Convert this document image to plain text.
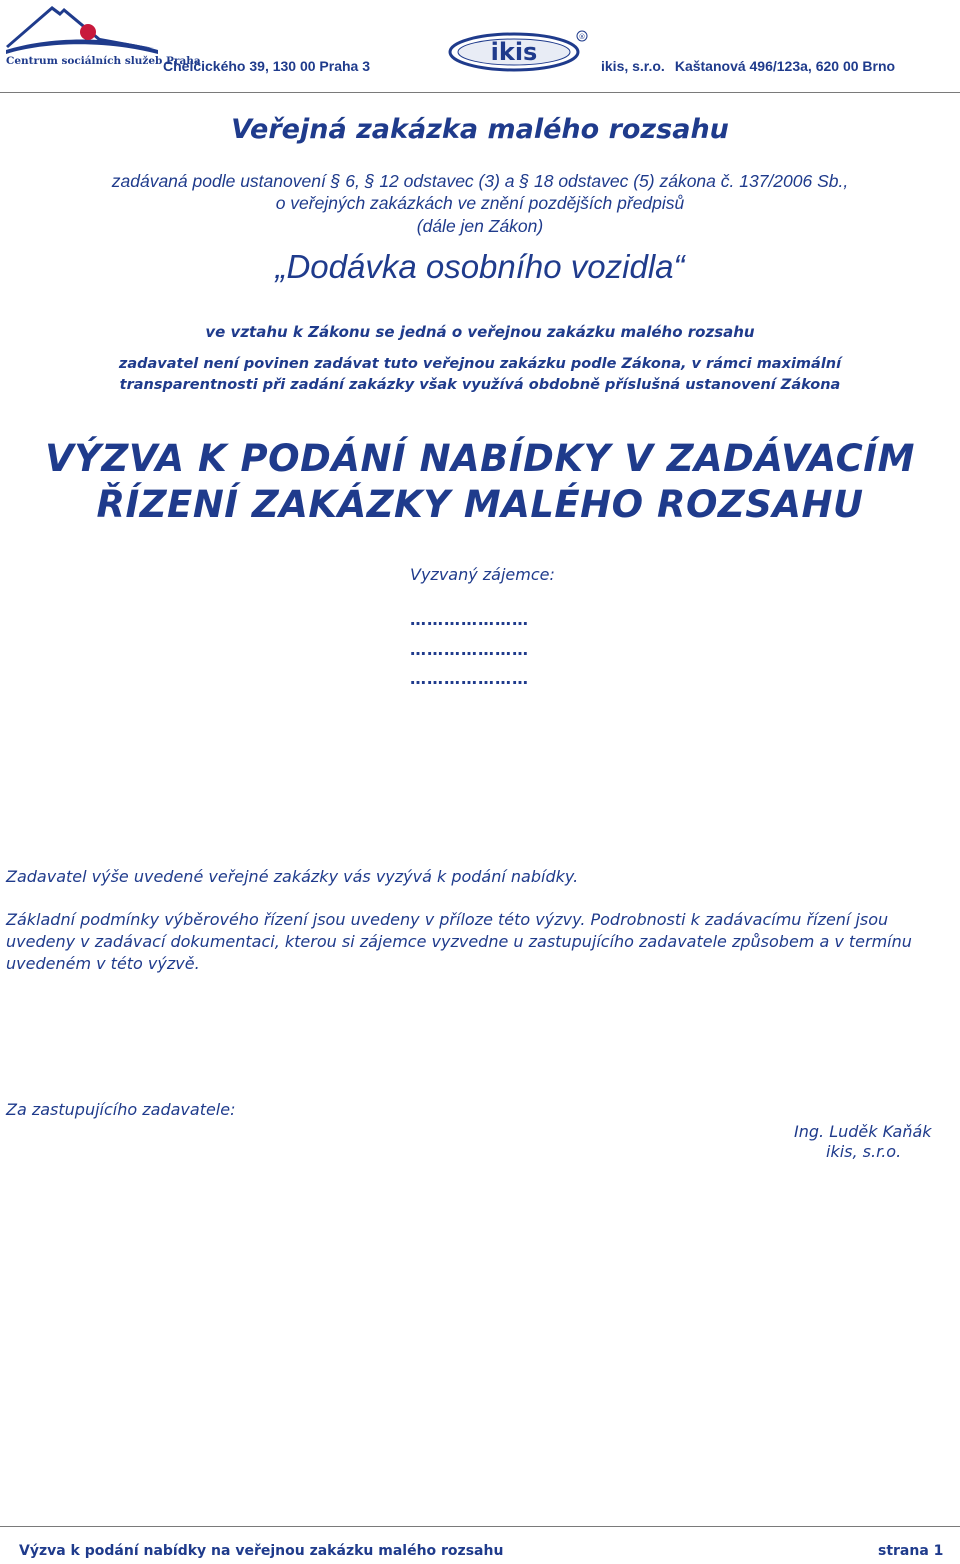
Centrum sociálních služeb Praha
Chelčického 39, 130 00 Praha 3	ikis
®
ikis, s.r.o. Kaštanová 496/123a, 620 00 Brno
Veřejná zakázka malého rozsahu
zadávaná podle ustanovení § 6, § 12 odstavec (3) a § 18 odstavec (5) zákona č. 137/2006 Sb.,
o veřejných zakázkách ve znění pozdějších předpisů
(dále jen Zákon)
„Dodávka osobního vozidla“
ve vztahu k Zákonu se jedná o veřejnou zakázku malého rozsahu
zadavatel není povinen zadávat tuto veřejnou zakázku podle Zákona, v rámci maximální transparentnosti při zadání zakázky však využívá obdobně příslušná ustanovení Zákona
VÝZVA K PODÁNÍ NABÍDKY V ZADÁVACÍM
ŘÍZENÍ ZAKÁZKY MALÉHO ROZSAHU
Vyzvaný zájemce:
…………………
…………………
…………………
Zadavatel výše uvedené veřejné zakázky vás vyzývá k podání nabídky.
Základní podmínky výběrového řízení jsou uvedeny v příloze této výzvy. Podrobnosti k zadávacímu řízení jsou uvedeny v zadávací dokumentaci, kterou si zájemce vyzvedne u zastupujícího zadavatele způsobem a v termínu uvedeném v této výzvě.
Za zastupujícího zadavatele:
Ing. Luděk Kaňák
ikis, s.r.o.
Výzva k podání nabídky na veřejnou zakázku malého rozsahu	strana 1
